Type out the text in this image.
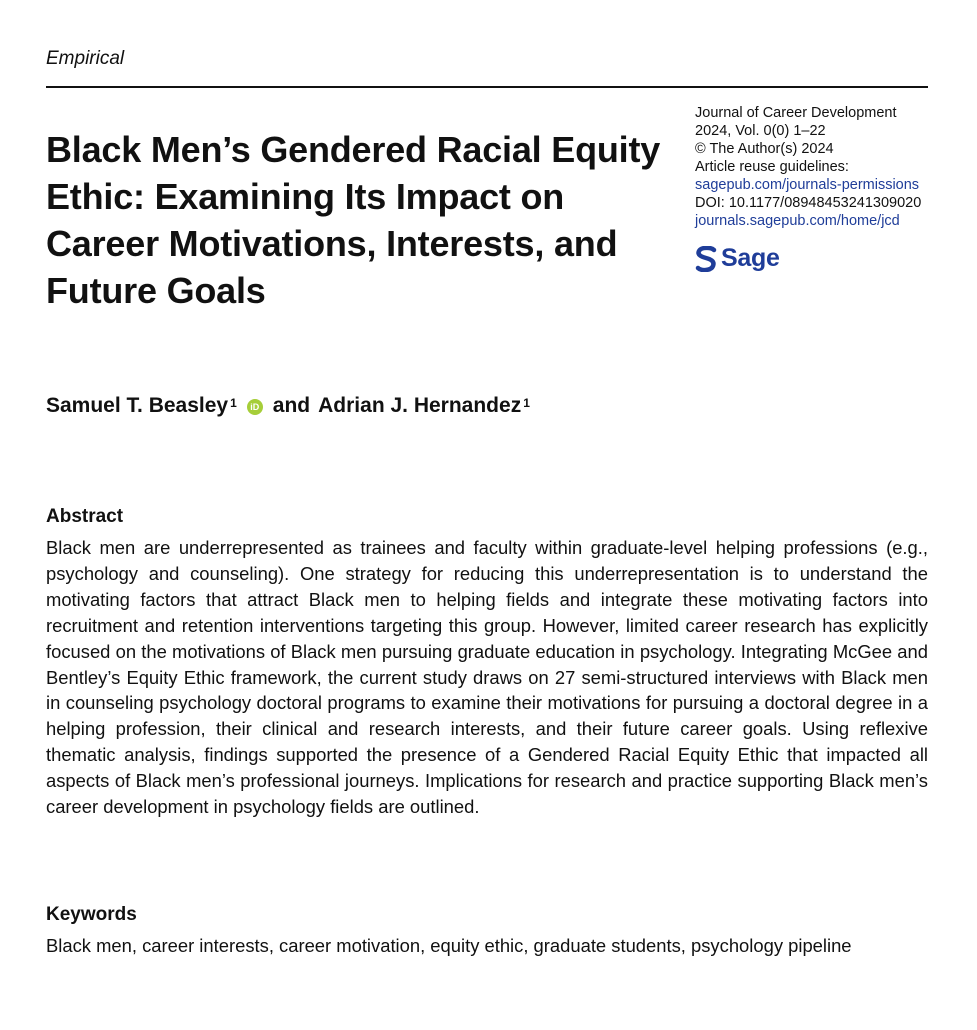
Empirical
Black Men’s Gendered Racial Equity Ethic: Examining Its Impact on Career Motivations, Interests, and Future Goals
Journal of Career Development
2024, Vol. 0(0) 1–22
© The Author(s) 2024
Article reuse guidelines:
sagepub.com/journals-permissions
DOI: 10.1177/08948453241309020
journals.sagepub.com/home/jcd
Sage
Samuel T. Beasley$^1$	iD and Adrian J. Hernandez$^1$
Abstract
Black men are underrepresented as trainees and faculty within graduate-level helping professions (e.g., psychology and counseling). One strategy for reducing this underrepresentation is to understand the motivating factors that attract Black men to helping fields and integrate these motivating factors into recruitment and retention interventions targeting this group. However, limited career research has explicitly focused on the motivations of Black men pursuing graduate education in psychology. Integrating McGee and Bentley’s Equity Ethic framework, the current study draws on 27 semi-structured interviews with Black men in counseling psychology doctoral programs to examine their motivations for pursuing a doctoral degree in a helping profession, their clinical and research interests, and their future career goals. Using reflexive thematic analysis, findings supported the presence of a Gendered Racial Equity Ethic that impacted all aspects of Black men’s professional journeys. Implications for research and practice supporting Black men’s career development in psychology fields are outlined.
Keywords
Black men, career interests, career motivation, equity ethic, graduate students, psychology pipeline
